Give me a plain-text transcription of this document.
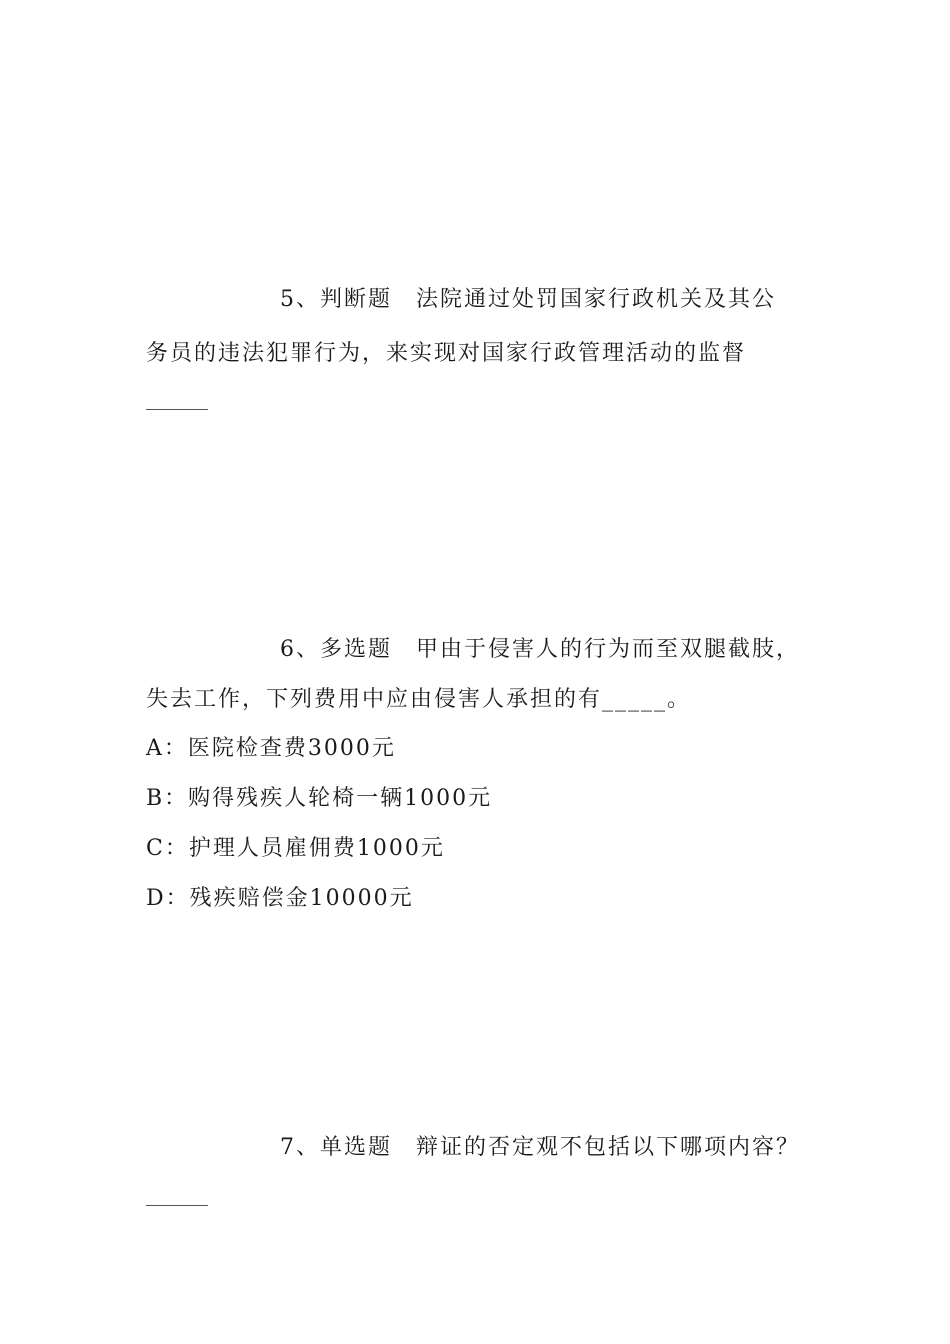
5、判断题 法院通过处罚国家行政机关及其公
务员的违法犯罪行为，来实现对国家行政管理活动的监督
6、多选题 甲由于侵害人的行为而至双腿截肢，
失去工作，下列费用中应由侵害人承担的有_____。
A：医院检查费3000元
B：购得残疾人轮椅一辆1000元
C：护理人员雇佣费1000元
D：残疾赔偿金10000元
7、单选题 辩证的否定观不包括以下哪项内容？
